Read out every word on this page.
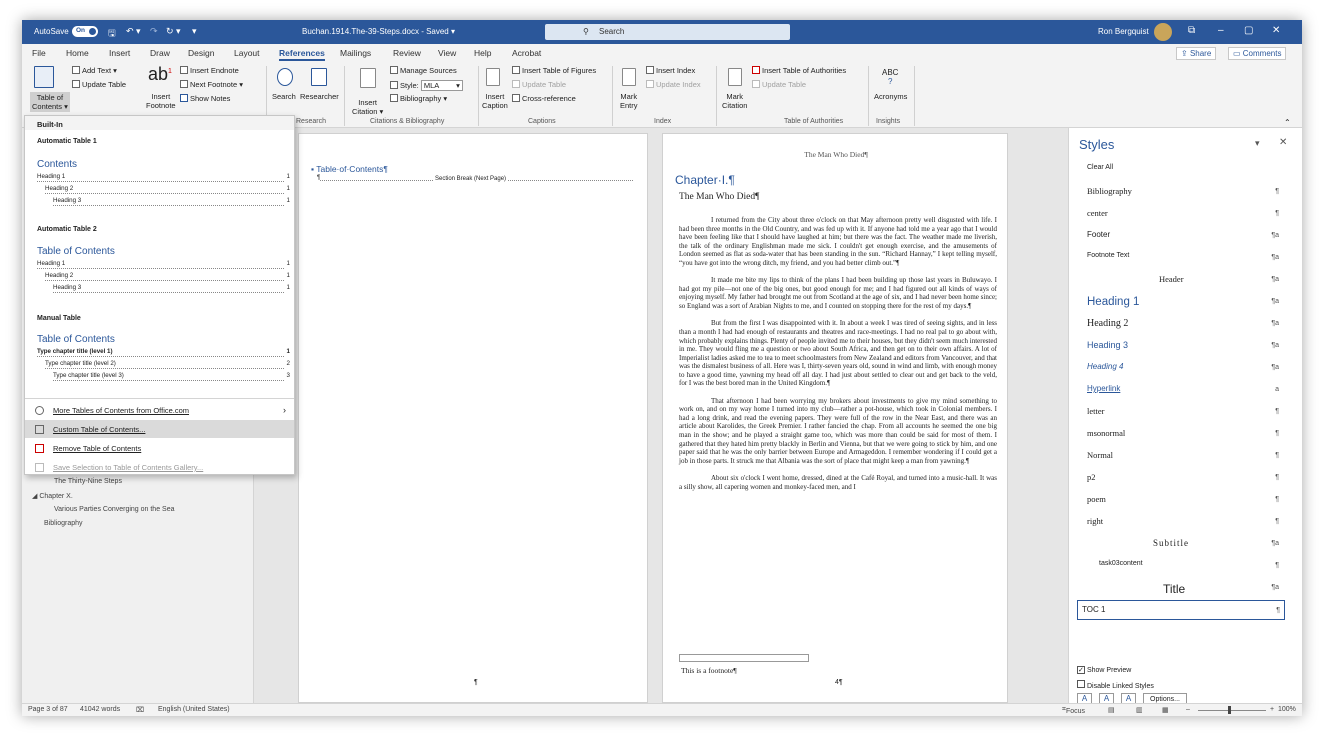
AutoSave	On	🖫 ↶ ▾ ↷ ↻ ▾ ▾	Buchan.1914.The-39-Steps.docx - Saved ▾	⚲ Search	Ron Bergquist	⧉ – ▢ ✕
File Home Insert Draw Design Layout References Mailings	Review View Help Acrobat	⇪ Share	▭ Comments
Table of
Contents ▾
Add Text ▾
Update Table
$ab^1$
Insert
Footnote
Insert Endnote
Next Footnote ▾
Show Notes	Search Researcher
Research
Insert
Citation ▾
Manage Sources
Style: MLA ▾
Bibliography ▾
Citations & Bibliography
Insert
Caption
Insert Table of Figures
Update Table
Cross-reference
Captions
Mark
Entry
Insert Index
Update Index
Index
Mark
Citation
Insert Table of Authorities
Update Table
Table of Authorities
ABC
?
Acronyms
Insights	⌃
The Thirty-Nine Steps
◢ Chapter X.
Various Parties Converging on the Sea
Bibliography
▪ Table·of·Contents¶
¶	Section Break (Next Page)
¶
The Man Who Died¶
Chapter·I.¶
The Man Who Died¶

I returned from the City about three o'clock on that May afternoon pretty well disgusted with life. I had been three months in the Old Country, and was fed up with it. If anyone had told me a year ago that I would have been feeling like that I should have laughed at him; but there was the fact. The weather made me liverish, the talk of the ordinary Englishman made me sick. I couldn't get enough exercise, and the amusements of London seemed as flat as soda-water that has been standing in the sun. “Richard Hannay,” I kept telling myself, “you have got into the wrong ditch, my friend, and you had better climb out.”¶

It made me bite my lips to think of the plans I had been building up those last years in Buluwayo. I had got my pile—not one of the big ones, but good enough for me; and I had figured out all kinds of ways of enjoying myself. My father had brought me out from Scotland at the age of six, and I had never been home since; so England was a sort of Arabian Nights to me, and I counted on stopping there for the rest of my days.¶

But from the first I was disappointed with it. In about a week I was tired of seeing sights, and in less than a month I had had enough of restaurants and theatres and race-meetings. I had no real pal to go about with, which probably explains things. Plenty of people invited me to their houses, but they didn't seem much interested in me. They would fling me a question or two about South Africa, and then get on to their own affairs. A lot of Imperialist ladies asked me to tea to meet schoolmasters from New Zealand and editors from Vancouver, and that was the dismalest business of all. Here was I, thirty-seven years old, sound in wind and limb, with enough money to have a good time, yawning my head off all day. I had just about settled to clear out and get back to the veld, for I was the best bored man in the United Kingdom.¶

That afternoon I had been worrying my brokers about investments to give my mind something to work on, and on my way home I turned into my club—rather a pot-house, which took in Colonial members. I had a long drink, and read the evening papers. They were full of the row in the Near East, and there was an article about Karolides, the Greek Premier. I rather fancied the chap. From all accounts he seemed the one big man in the show; and he played a straight game too, which was more than could be said for most of them. I gathered that they hated him pretty blackly in Berlin and Vienna, but that we were going to stick by him, and one paper said that he was the only barrier between Europe and Armageddon. I remember wondering if I could get a job in those parts. It struck me that Albania was the sort of place that might keep a man from yawning.¶

About six o'clock I went home, dressed, dined at the Café Royal, and turned into a music-hall. It was a silly show, all capering women and monkey-faced men, and I

This is a footnote¶
4¶
Styles	▾ ✕
Clear All
Bibliography	¶
center	¶
Footer	¶a
Footnote Text	¶a
Header	¶a
Heading 1	¶a
Heading 2	¶a
Heading 3	¶a
Heading 4	¶a
Hyperlink	a
letter	¶
msonormal	¶
Normal	¶
p2	¶
poem	¶
right	¶
Subtitle	¶a
task03content	¶
Title	¶a
TOC 1	¶
✓ Show Preview
Disable Linked Styles
A	A	A	Options...
Page 3 of 87 41042 words ⌧ English (United States)	⌗ Focus	▤	▥	▦ –	+ 100%
Built-In
Automatic Table 1
Contents
Heading 1	1
Heading 2	1
Heading 3	1
Automatic Table 2
Table of Contents
Heading 1	1
Heading 2	1
Heading 3	1
Manual Table
Table of Contents
Type chapter title (level 1)	1
Type chapter title (level 2)	2
Type chapter title (level 3)	3
More Tables of Contents from Office.com	›
Custom Table of Contents...
Remove Table of Contents
Save Selection to Table of Contents Gallery...
